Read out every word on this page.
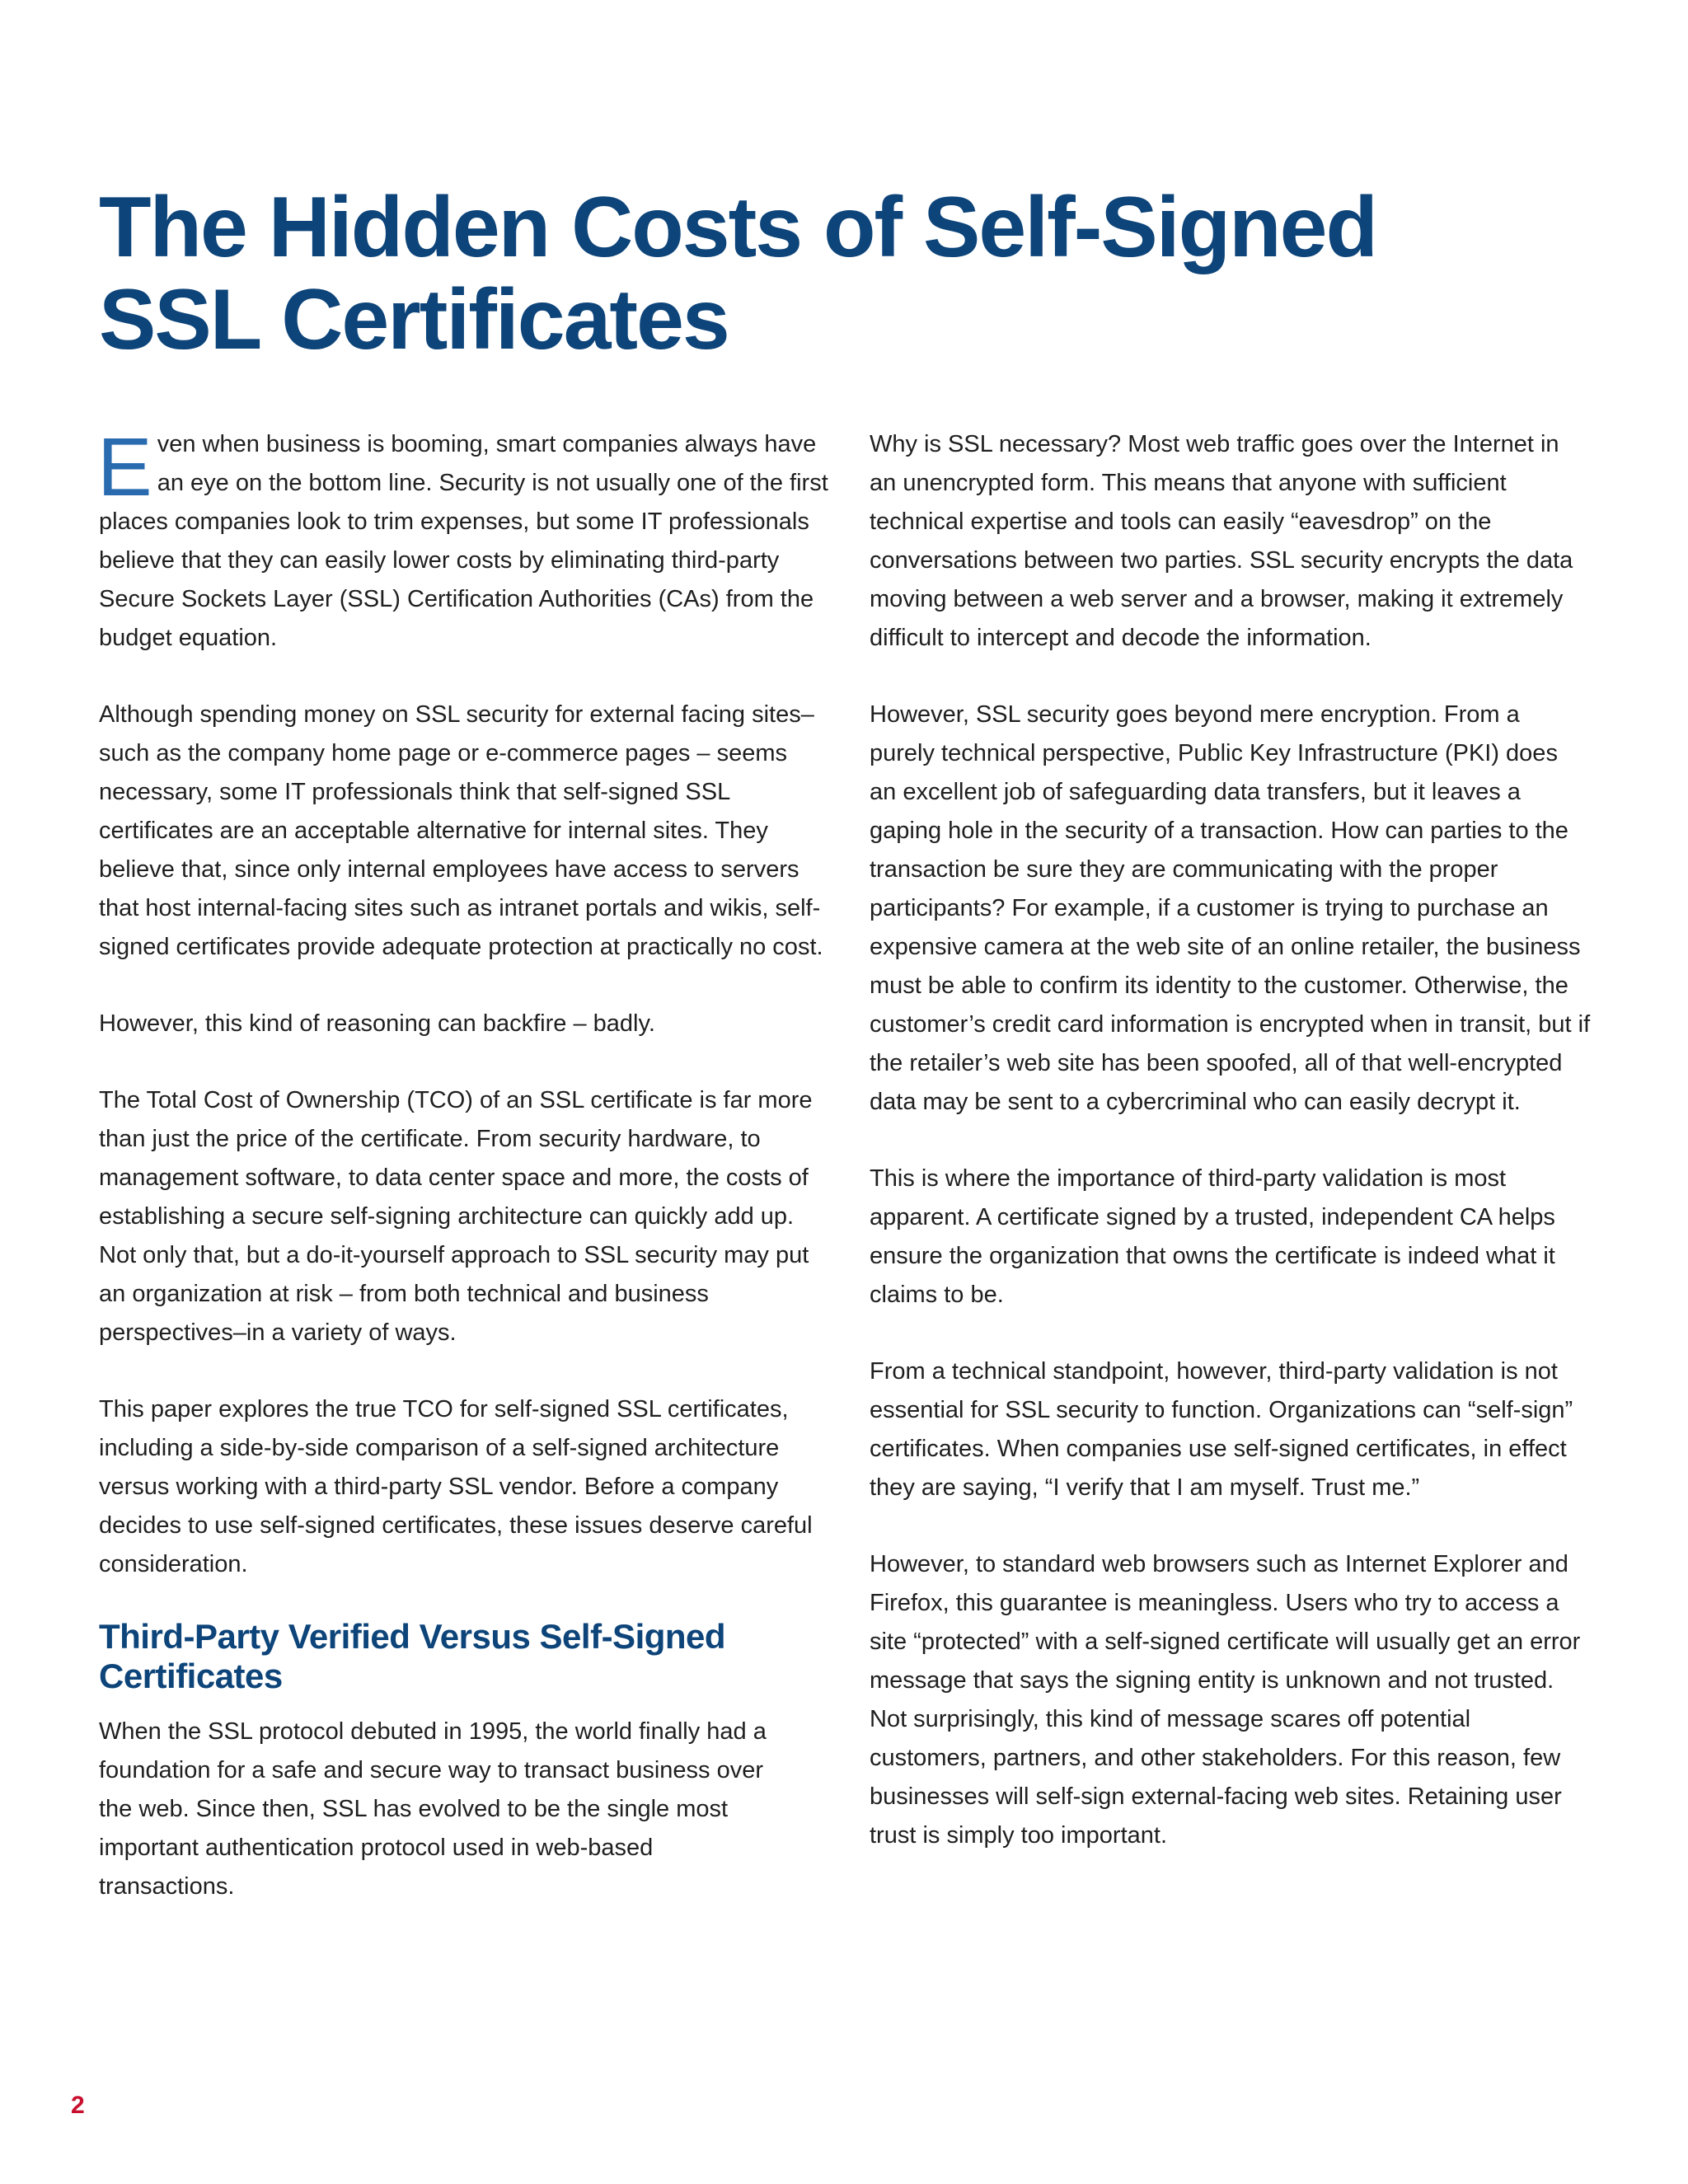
The Hidden Costs of Self-Signed
SSL Certificates

Even when business is booming, smart companies always have an eye on the bottom line. Security is not usually one of the first places companies look to trim expenses, but some IT professionals believe that they can easily lower costs by eliminating third-party Secure Sockets Layer (SSL) Certification Authorities (CAs) from the budget equation.

Although spending money on SSL security for external facing sites–such as the company home page or e-commerce pages – seems necessary, some IT professionals think that self-signed SSL certificates are an acceptable alternative for internal sites. They believe that, since only internal employees have access to servers that host internal-facing sites such as intranet portals and wikis, self-signed certificates provide adequate protection at practically no cost.

However, this kind of reasoning can backfire – badly.

The Total Cost of Ownership (TCO) of an SSL certificate is far more than just the price of the certificate. From security hardware, to management software, to data center space and more, the costs of establishing a secure self-signing architecture can quickly add up. Not only that, but a do-it-yourself approach to SSL security may put an organization at risk – from both technical and business perspectives–in a variety of ways.

This paper explores the true TCO for self-signed SSL certificates, including a side-by-side comparison of a self-signed architecture versus working with a third-party SSL vendor. Before a company decides to use self-signed certificates, these issues deserve careful consideration.

Third-Party Verified Versus Self-Signed
Certificates

When the SSL protocol debuted in 1995, the world finally had a foundation for a safe and secure way to transact business over the web. Since then, SSL has evolved to be the single most important authentication protocol used in web-based transactions.

Why is SSL necessary? Most web traffic goes over the Internet in an unencrypted form. This means that anyone with sufficient technical expertise and tools can easily “eavesdrop” on the conversations between two parties. SSL security encrypts the data moving between a web server and a browser, making it extremely difficult to intercept and decode the information.

However, SSL security goes beyond mere encryption. From a purely technical perspective, Public Key Infrastructure (PKI) does an excellent job of safeguarding data transfers, but it leaves a gaping hole in the security of a transaction. How can parties to the transaction be sure they are communicating with the proper participants? For example, if a customer is trying to purchase an expensive camera at the web site of an online retailer, the business must be able to confirm its identity to the customer. Otherwise, the customer’s credit card information is encrypted when in transit, but if the retailer’s web site has been spoofed, all of that well-encrypted data may be sent to a cybercriminal who can easily decrypt it.

This is where the importance of third-party validation is most apparent. A certificate signed by a trusted, independent CA helps ensure the organization that owns the certificate is indeed what it claims to be.

From a technical standpoint, however, third-party validation is not essential for SSL security to function. Organizations can “self-sign” certificates. When companies use self-signed certificates, in effect they are saying, “I verify that I am myself. Trust me.”

However, to standard web browsers such as Internet Explorer and Firefox, this guarantee is meaningless. Users who try to access a site “protected” with a self-signed certificate will usually get an error message that says the signing entity is unknown and not trusted. Not surprisingly, this kind of message scares off potential customers, partners, and other stakeholders. For this reason, few businesses will self-sign external-facing web sites. Retaining user trust is simply too important.

2
